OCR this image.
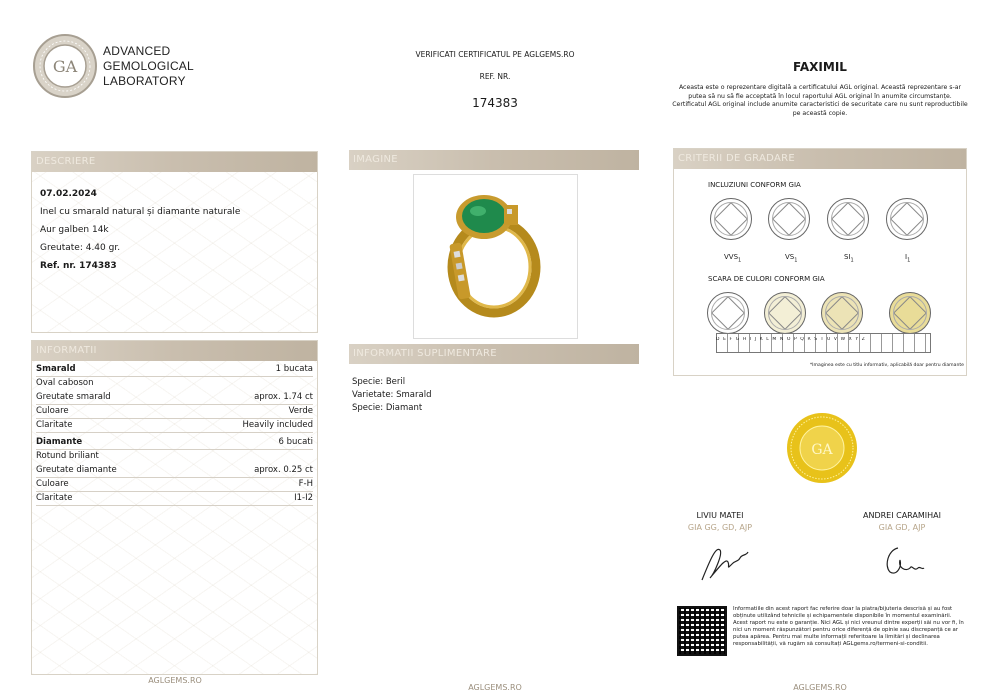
GA
ADVANCED
GEMOLOGICAL
LABORATORY
VERIFICATI CERTIFICATUL PE AGLGEMS.RO
REF. NR.
174383
FAXIMIL
Aceasta este o reprezentare digitală a certificatului AGL original. Această reprezentare s-ar putea să nu să fie acceptată în locul raportului AGL original în anumite circumstanțe. Certificatul AGL original include anumite caracteristici de securitate care nu sunt reproductibile pe această copie.
DESCRIERE
07.02.2024
Inel cu smarald natural și diamante naturale
Aur galben 14k
Greutate: 4.40 gr.
Ref. nr. 174383
INFORMATII
Smarald	1 bucata
Oval caboson
Greutate smarald	aprox. 1.74 ct
Culoare	Verde
Claritate	Heavily included
Diamante	6 bucati
Rotund briliant
Greutate diamante	aprox. 0.25 ct
Culoare	F-H
Claritate	I1-I2
IMAGINE
INFORMATII SUPLIMENTARE
Specie: Beril
Varietate: Smarald
Specie: Diamant
CRITERII DE GRADARE
INCLUZIUNI CONFORM GIA
SCARA DE CULORI CONFORM GIA
*Imaginea este cu titlu informativ, aplicabilă doar pentru diamante
$VVS_1$	$VS_1$	$SI_1$	$I_1$
DEFGHIJKLMNOPQRSTUVWXYZ
GA
LIVIU MATEI
GIA GG, GD, AJP
ANDREI CARAMIHAI
GIA GD, AJP
Informatiile din acest raport fac referire doar la piatra/bijuteria descrisă și au fost obținute utilizând tehnicile și echipamentele disponibile în momentul examinării. Acest raport nu este o garanție. Nici AGL și nici vreunul dintre experții săi nu vor fi, în nici un moment răspunzători pentru orice diferență de opinie sau discrepanță ce ar putea apărea. Pentru mai multe informații referitoare la limitări și declinarea responsabilității, vă rugăm să consultați AGLgems.ro/termeni-si-conditii.
AGLGEMS.RO
AGLGEMS.RO	AGLGEMS.RO
